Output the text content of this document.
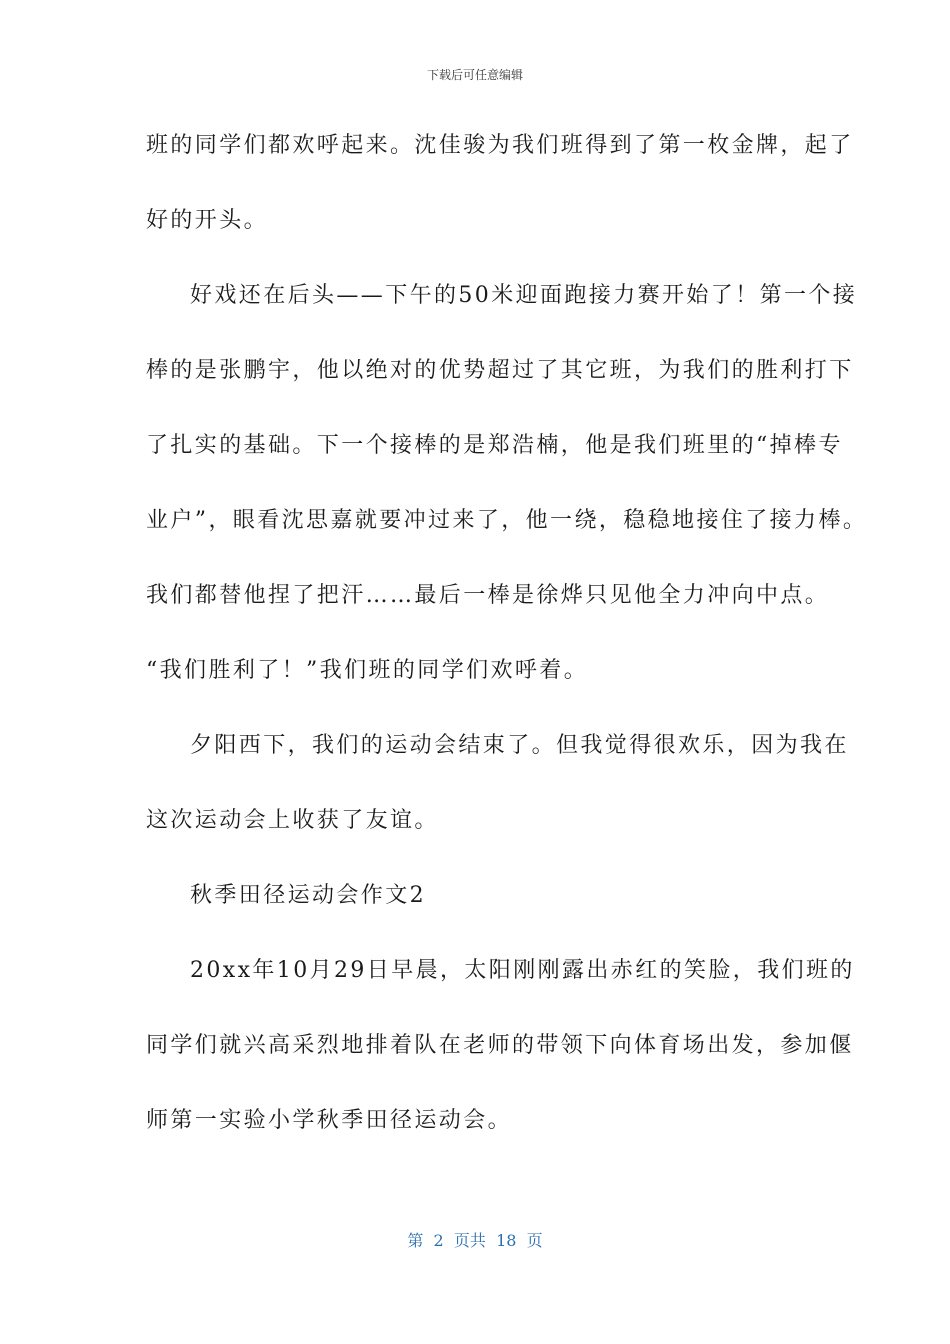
下载后可任意编辑
班的同学们都欢呼起来。沈佳骏为我们班得到了第一枚金牌，起了
好的开头。
好戏还在后头——下午的50米迎面跑接力赛开始了！第一个接
棒的是张鹏宇，他以绝对的优势超过了其它班，为我们的胜利打下
了扎实的基础。下一个接棒的是郑浩楠，他是我们班里的“掉棒专
业户”，眼看沈思嘉就要冲过来了，他一绕，稳稳地接住了接力棒。
我们都替他捏了把汗……最后一棒是徐烨只见他全力冲向中点。
“我们胜利了！”我们班的同学们欢呼着。
夕阳西下，我们的运动会结束了。但我觉得很欢乐，因为我在
这次运动会上收获了友谊。
秋季田径运动会作文2
20xx年10月29日早晨，太阳刚刚露出赤红的笑脸，我们班的
同学们就兴高采烈地排着队在老师的带领下向体育场出发，参加偃
师第一实验小学秋季田径运动会。
第  2  页共  18  页
